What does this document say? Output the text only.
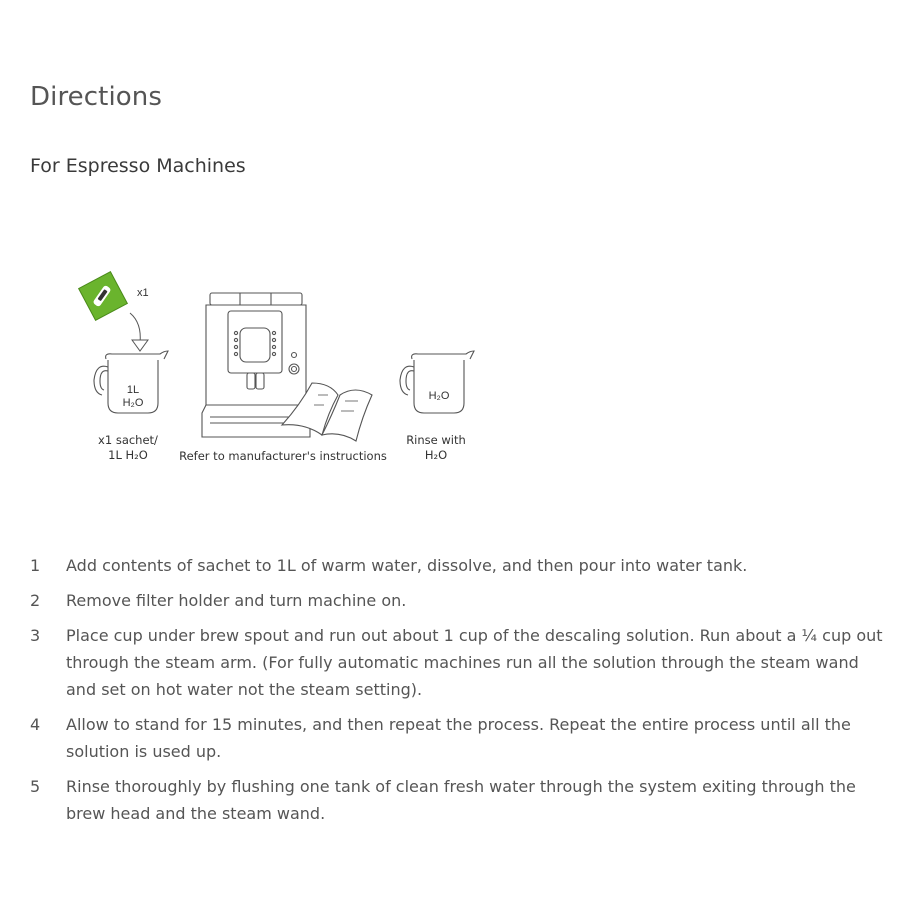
Directions
For Espresso Machines
x1
1L
H₂O
H₂O
x1 sachet/
1L H₂O	Refer to manufacturer's instructions
Rinse with
H₂O
1	Add contents of sachet to 1L of warm water, dissolve, and then pour into water tank.
2	Remove filter holder and turn machine on.
3	Place cup under brew spout and run out about 1 cup of the descaling solution. Run about a ¼ cup out through the steam arm. (For fully automatic machines run all the solution through the steam wand and set on hot water not the steam setting).
4	Allow to stand for 15 minutes, and then repeat the process. Repeat the entire process until all the solution is used up.
5	Rinse thoroughly by flushing one tank of clean fresh water through the system exiting through the brew head and the steam wand.
